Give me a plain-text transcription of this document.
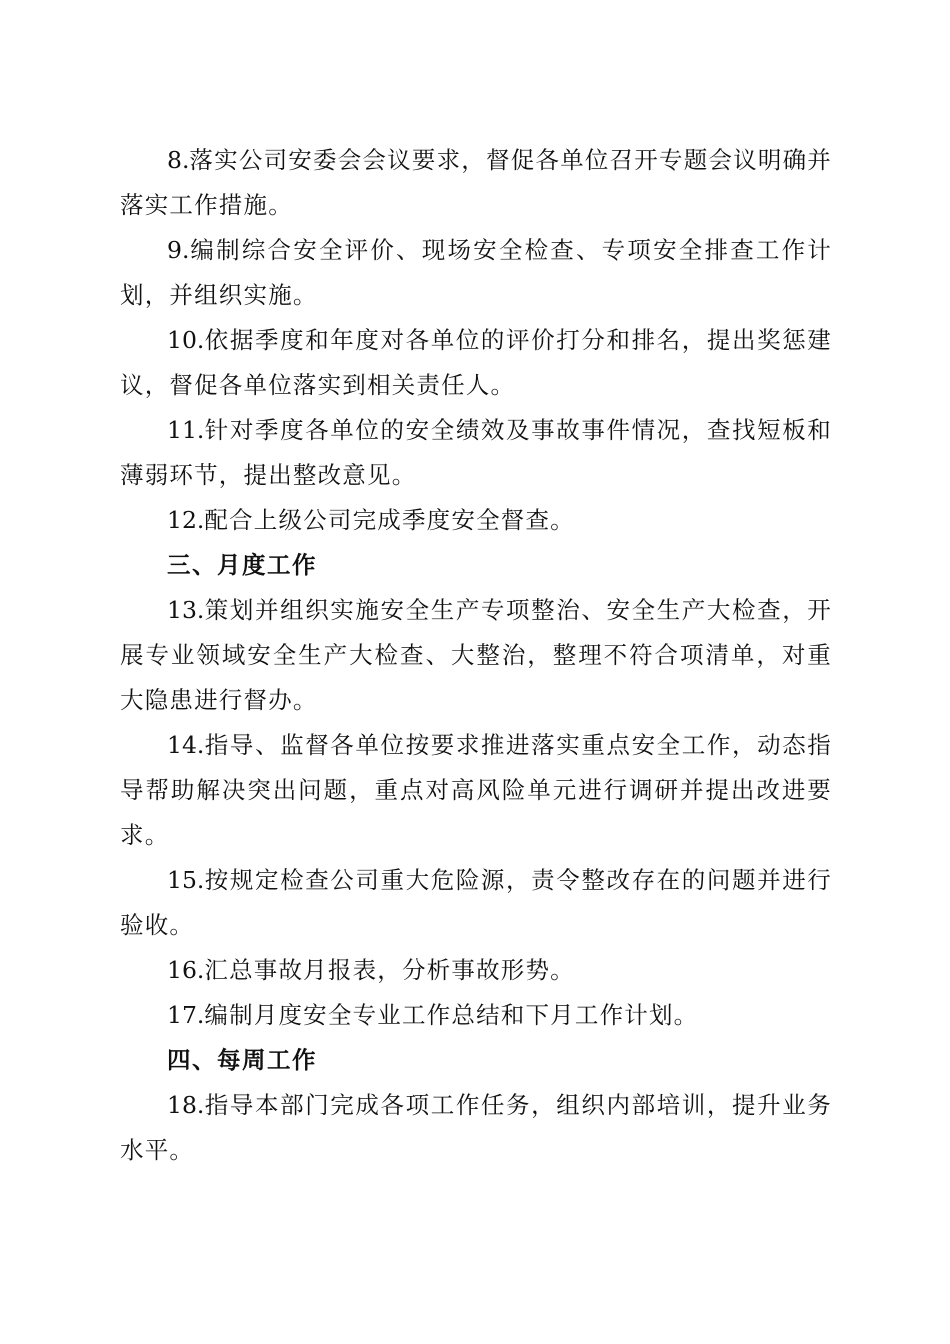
8.落实公司安委会会议要求，督促各单位召开专题会议明确并落实工作措施。

9.编制综合安全评价、现场安全检查、专项安全排查工作计划，并组织实施。

10.依据季度和年度对各单位的评价打分和排名，提出奖惩建议，督促各单位落实到相关责任人。

11.针对季度各单位的安全绩效及事故事件情况，查找短板和薄弱环节，提出整改意见。

12.配合上级公司完成季度安全督查。

三、月度工作

13.策划并组织实施安全生产专项整治、安全生产大检查，开展专业领域安全生产大检查、大整治，整理不符合项清单，对重大隐患进行督办。

14.指导、监督各单位按要求推进落实重点安全工作，动态指导帮助解决突出问题，重点对高风险单元进行调研并提出改进要求。

15.按规定检查公司重大危险源，责令整改存在的问题并进行验收。

16.汇总事故月报表，分析事故形势。

17.编制月度安全专业工作总结和下月工作计划。

四、每周工作

18.指导本部门完成各项工作任务，组织内部培训，提升业务水平。
